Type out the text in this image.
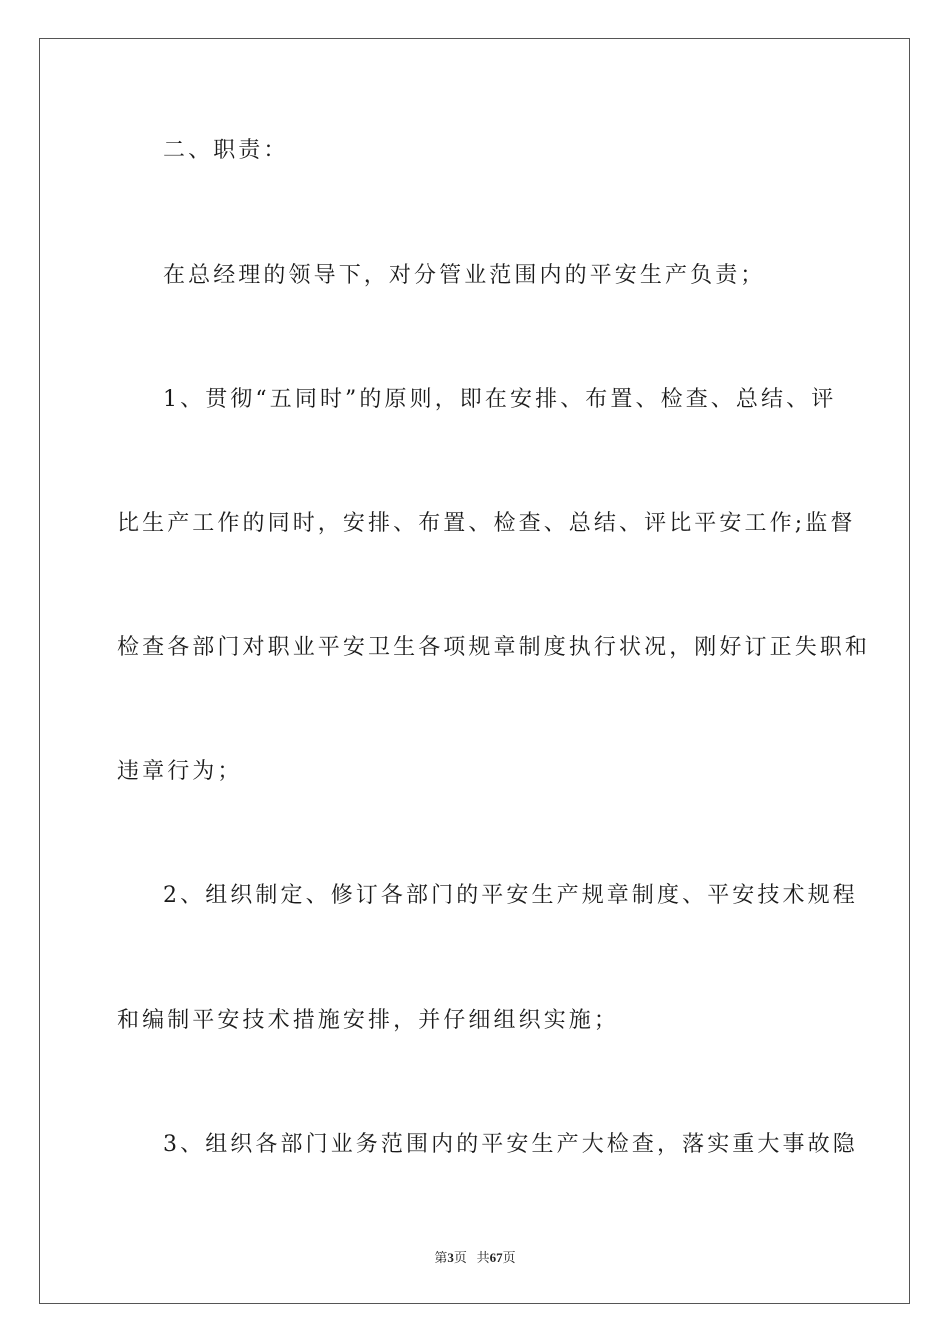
二、职责：
在总经理的领导下，对分管业范围内的平安生产负责；
1、贯彻“五同时”的原则，即在安排、布置、检查、总结、评
比生产工作的同时，安排、布置、检查、总结、评比平安工作;监督
检查各部门对职业平安卫生各项规章制度执行状况，刚好订正失职和
违章行为；
2、组织制定、修订各部门的平安生产规章制度、平安技术规程
和编制平安技术措施安排，并仔细组织实施；
3、组织各部门业务范围内的平安生产大检查，落实重大事故隐
第3页 共67页
